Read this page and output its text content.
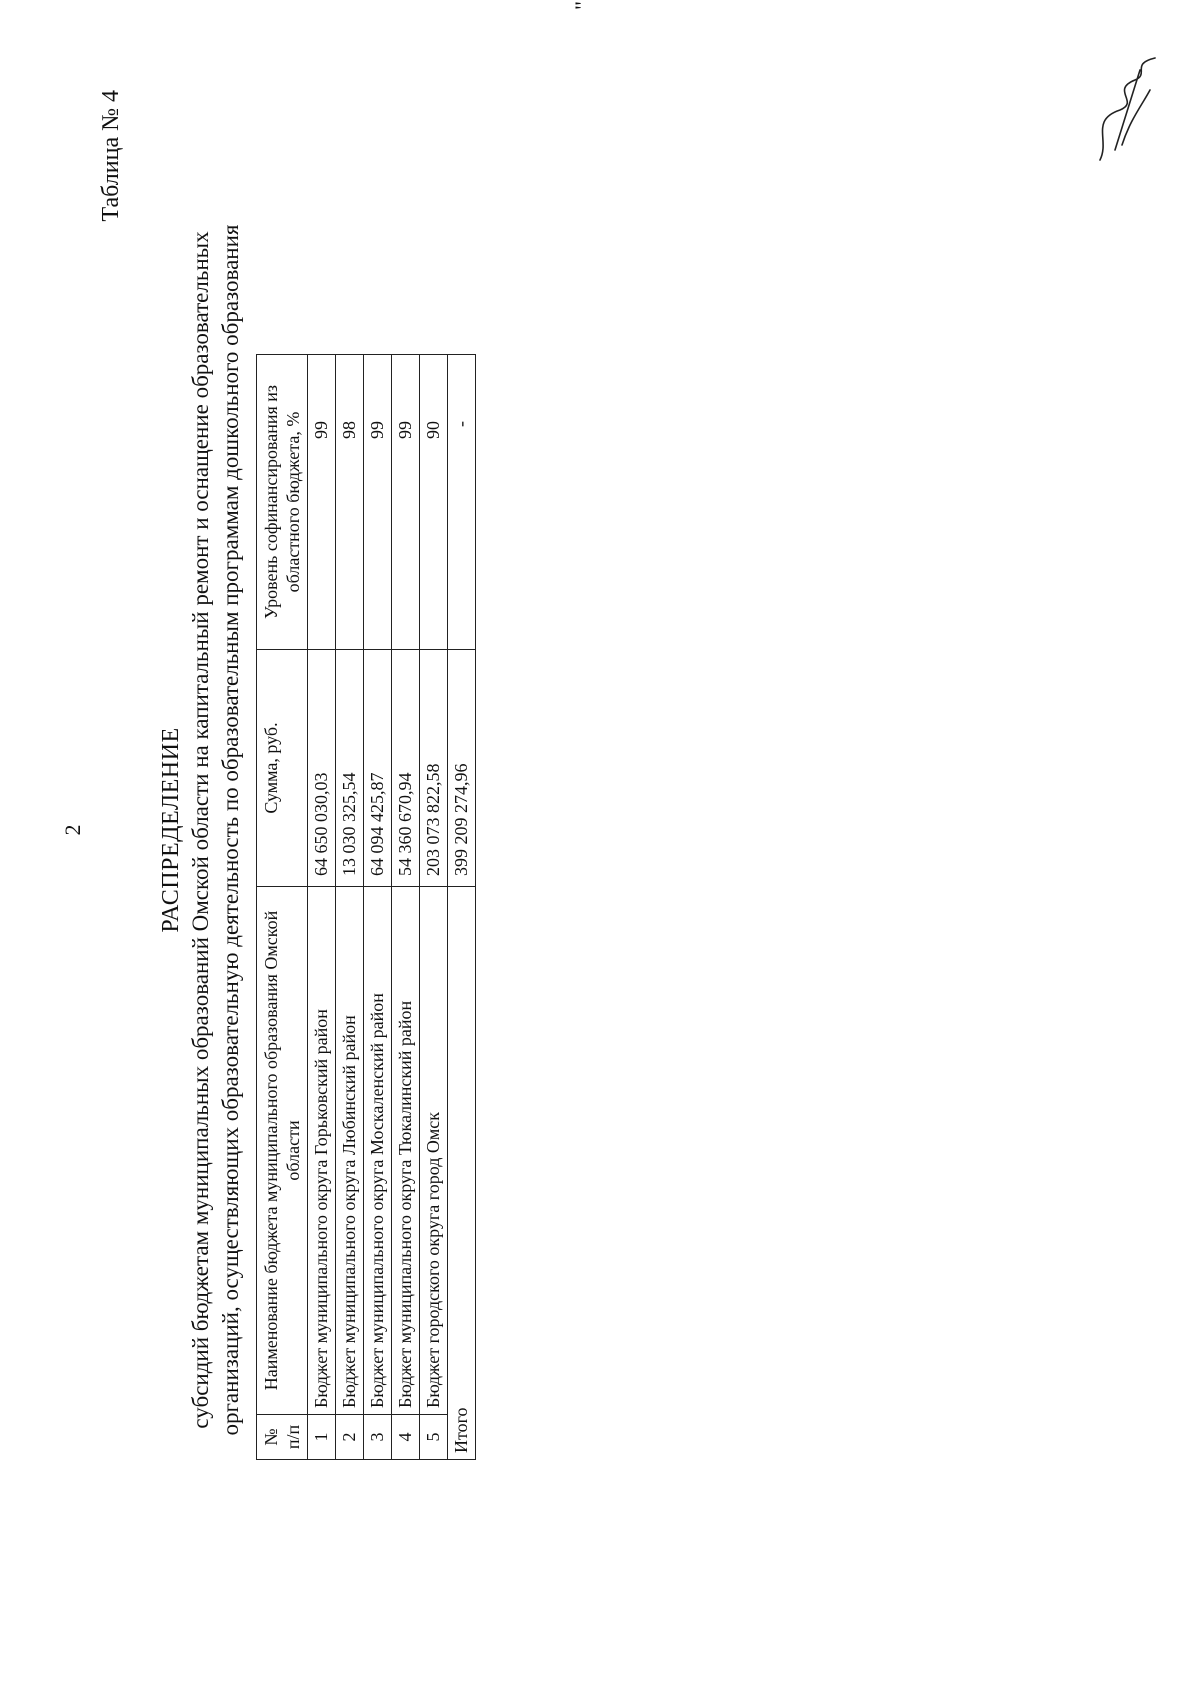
2
Таблица № 4
РАСПРЕДЕЛЕНИЕ субсидий бюджетам муниципальных образований Омской области на капитальный ремонт и оснащение образовательных организаций, осуществляющих образовательную деятельность по образовательным программам дошкольного образования
№ п/п	Наименование бюджета муниципального образования Омской области	Сумма, руб.	Уровень софинансирования из областного бюджета, %
1	Бюджет муниципального округа Горьковский район	64 650 030,03	99
2	Бюджет муниципального округа Любинский район	13 030 325,54	98
3	Бюджет муниципального округа Москаленский район	64 094 425,87	99
4	Бюджет муниципального округа Тюкалинский район	54 360 670,94	99
5	Бюджет городского округа город Омск	203 073 822,58	90
Итого		399 209 274,96	-
"
